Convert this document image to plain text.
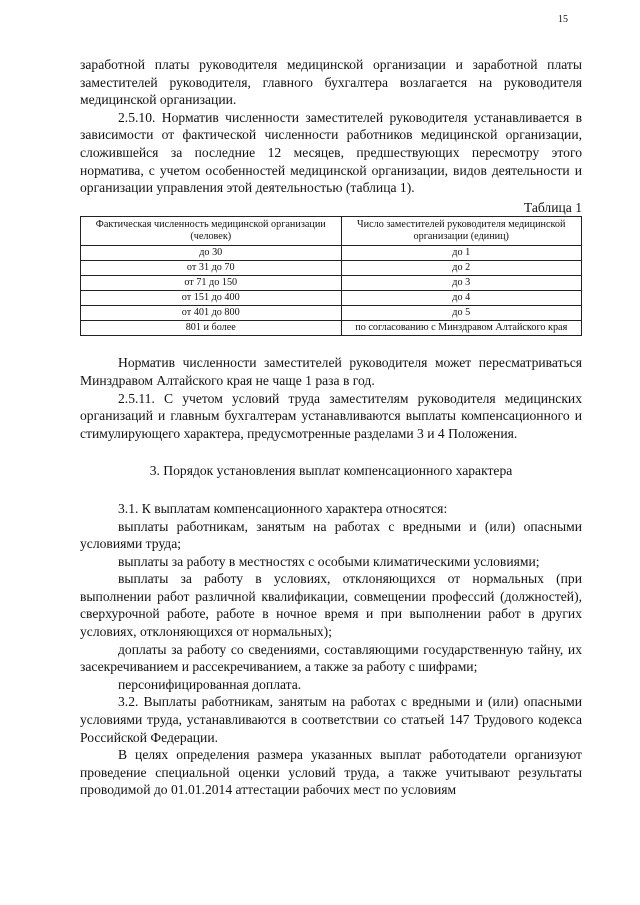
15

заработной платы руководителя медицинской организации и заработной платы заместителей руководителя, главного бухгалтера возлагается на руководителя медицинской организации.

2.5.10. Норматив численности заместителей руководителя устанавливается в зависимости от фактической численности работников медицинской организации, сложившейся за последние 12 месяцев, предшествующих пересмотру этого норматива, с учетом особенностей медицинской организации, видов деятельности и организации управления этой деятельностью (таблица 1).

Таблица 1
Фактическая численность медицинской организации (человек)	Число заместителей руководителя медицинской организации (единиц)
до 30	до 1
от 31 до 70	до 2
от 71 до 150	до 3
от 151 до 400	до 4
от 401 до 800	до 5
801 и более	по согласованию с Минздравом Алтайского края

Норматив численности заместителей руководителя может пересматриваться Минздравом Алтайского края не чаще 1 раза в год.

2.5.11. С учетом условий труда заместителям руководителя медицинских организаций и главным бухгалтерам устанавливаются выплаты компенсационного и стимулирующего характера, предусмотренные разделами 3 и 4 Положения.

3. Порядок установления выплат компенсационного характера

3.1. К выплатам компенсационного характера относятся:

выплаты работникам, занятым на работах с вредными и (или) опасными условиями труда;

выплаты за работу в местностях с особыми климатическими условиями;

выплаты за работу в условиях, отклоняющихся от нормальных (при выполнении работ различной квалификации, совмещении профессий (должностей), сверхурочной работе, работе в ночное время и при выполнении работ в других условиях, отклоняющихся от нормальных);

доплаты за работу со сведениями, составляющими государственную тайну, их засекречиванием и рассекречиванием, а также за работу с шифрами;

персонифицированная доплата.

3.2. Выплаты работникам, занятым на работах с вредными и (или) опасными условиями труда, устанавливаются в соответствии со статьей 147 Трудового кодекса Российской Федерации.

В целях определения размера указанных выплат работодатели организуют проведение специальной оценки условий труда, а также учитывают результаты проводимой до 01.01.2014 аттестации рабочих мест по условиям
